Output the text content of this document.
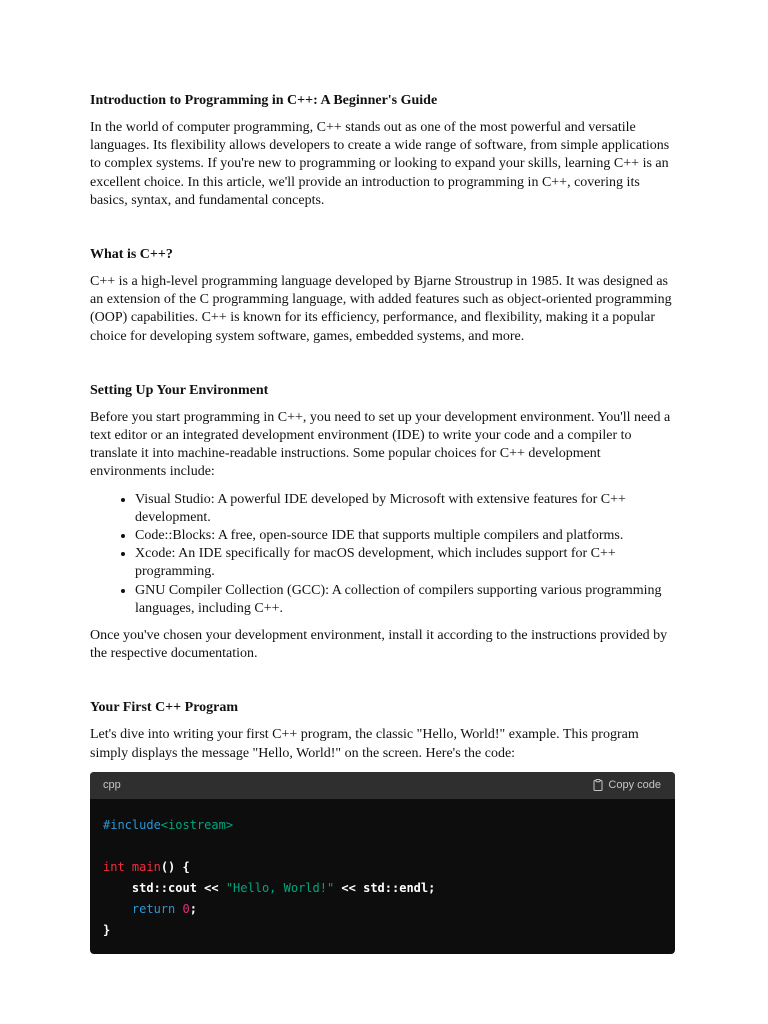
Introduction to Programming in C++: A Beginner's Guide

In the world of computer programming, C++ stands out as one of the most powerful and versatile languages. Its flexibility allows developers to create a wide range of software, from simple applications to complex systems. If you're new to programming or looking to expand your skills, learning C++ is an excellent choice. In this article, we'll provide an introduction to programming in C++, covering its basics, syntax, and fundamental concepts.

What is C++?

C++ is a high-level programming language developed by Bjarne Stroustrup in 1985. It was designed as an extension of the C programming language, with added features such as object-oriented programming (OOP) capabilities. C++ is known for its efficiency, performance, and flexibility, making it a popular choice for developing system software, games, embedded systems, and more.

Setting Up Your Environment

Before you start programming in C++, you need to set up your development environment. You'll need a text editor or an integrated development environment (IDE) to write your code and a compiler to translate it into machine-readable instructions. Some popular choices for C++ development environments include:

• Visual Studio: A powerful IDE developed by Microsoft with extensive features for C++ development.
• Code::Blocks: A free, open-source IDE that supports multiple compilers and platforms.
• Xcode: An IDE specifically for macOS development, which includes support for C++ programming.
• GNU Compiler Collection (GCC): A collection of compilers supporting various programming languages, including C++.

Once you've chosen your development environment, install it according to the instructions provided by the respective documentation.

Your First C++ Program

Let's dive into writing your first C++ program, the classic "Hello, World!" example. This program simply displays the message "Hello, World!" on the screen. Here's the code:

cpp	Copy code
#include<iostream>
int main() {
std::cout << "Hello, World!" << std::endl;
return 0;
}
